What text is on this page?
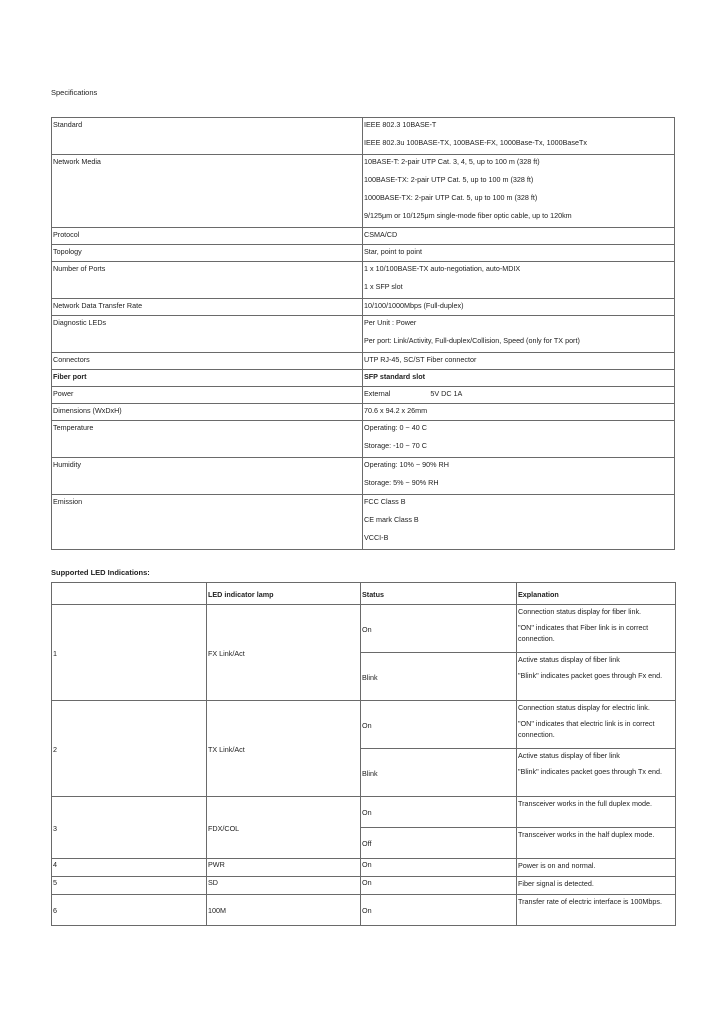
Specifications
Standard	IEEE 802.3 10BASE-T
IEEE 802.3u 100BASE-TX, 100BASE-FX, 1000Base-Tx, 1000BaseTx

Network Media	10BASE-T: 2-pair UTP Cat. 3, 4, 5, up to 100 m (328 ft)
100BASE-TX: 2-pair UTP Cat. 5, up to 100 m (328 ft)
1000BASE-TX: 2-pair UTP Cat. 5, up to 100 m (328 ft)
9/125μm or 10/125μm single-mode fiber optic cable, up to 120km

Protocol	CSMA/CD

Topology	Star, point to point

Number of Ports	1 x 10/100BASE-TX auto-negotiation, auto-MDIX
1 x SFP slot

Network Data Transfer Rate	10/100/1000Mbps (Full-duplex)

Diagnostic LEDs	Per Unit : Power
Per port: Link/Activity, Full-duplex/Collision, Speed (only for TX port)

Connectors	UTP RJ-45, SC/ST Fiber connector

Fiber port	SFP standard slot

Power	External 5V DC 1A

Dimensions (WxDxH)	70.6 x 94.2 x 26mm

Temperature	Operating: 0 ~ 40 C
Storage: -10 ~ 70 C

Humidity	Operating: 10% ~ 90% RH
Storage: 5% ~ 90% RH

Emission	FCC Class B
CE mark Class B
VCCI-B
Supported LED Indications:
	LED indicator lamp	Status	Explanation
1	FX Link/Act	On	Connection status display for fiber link.
"ON" indicates that Fiber link is in correct connection.

		Blink	Active status display of fiber link
"Blink" indicates packet goes through Fx end.

2	TX Link/Act	On	Connection status display for electric link.
"ON" indicates that electric link is in correct connection.

		Blink	Active status display of fiber link
"Blink" indicates packet goes through Tx end.

3	FDX/COL	On	Transceiver works in the full duplex mode.

		Off	Transceiver works in the half duplex mode.

4	PWR	On	Power is on and normal.
5	SD	On	Fiber signal is detected.
6	100M	On	Transfer rate of electric interface is 100Mbps.
